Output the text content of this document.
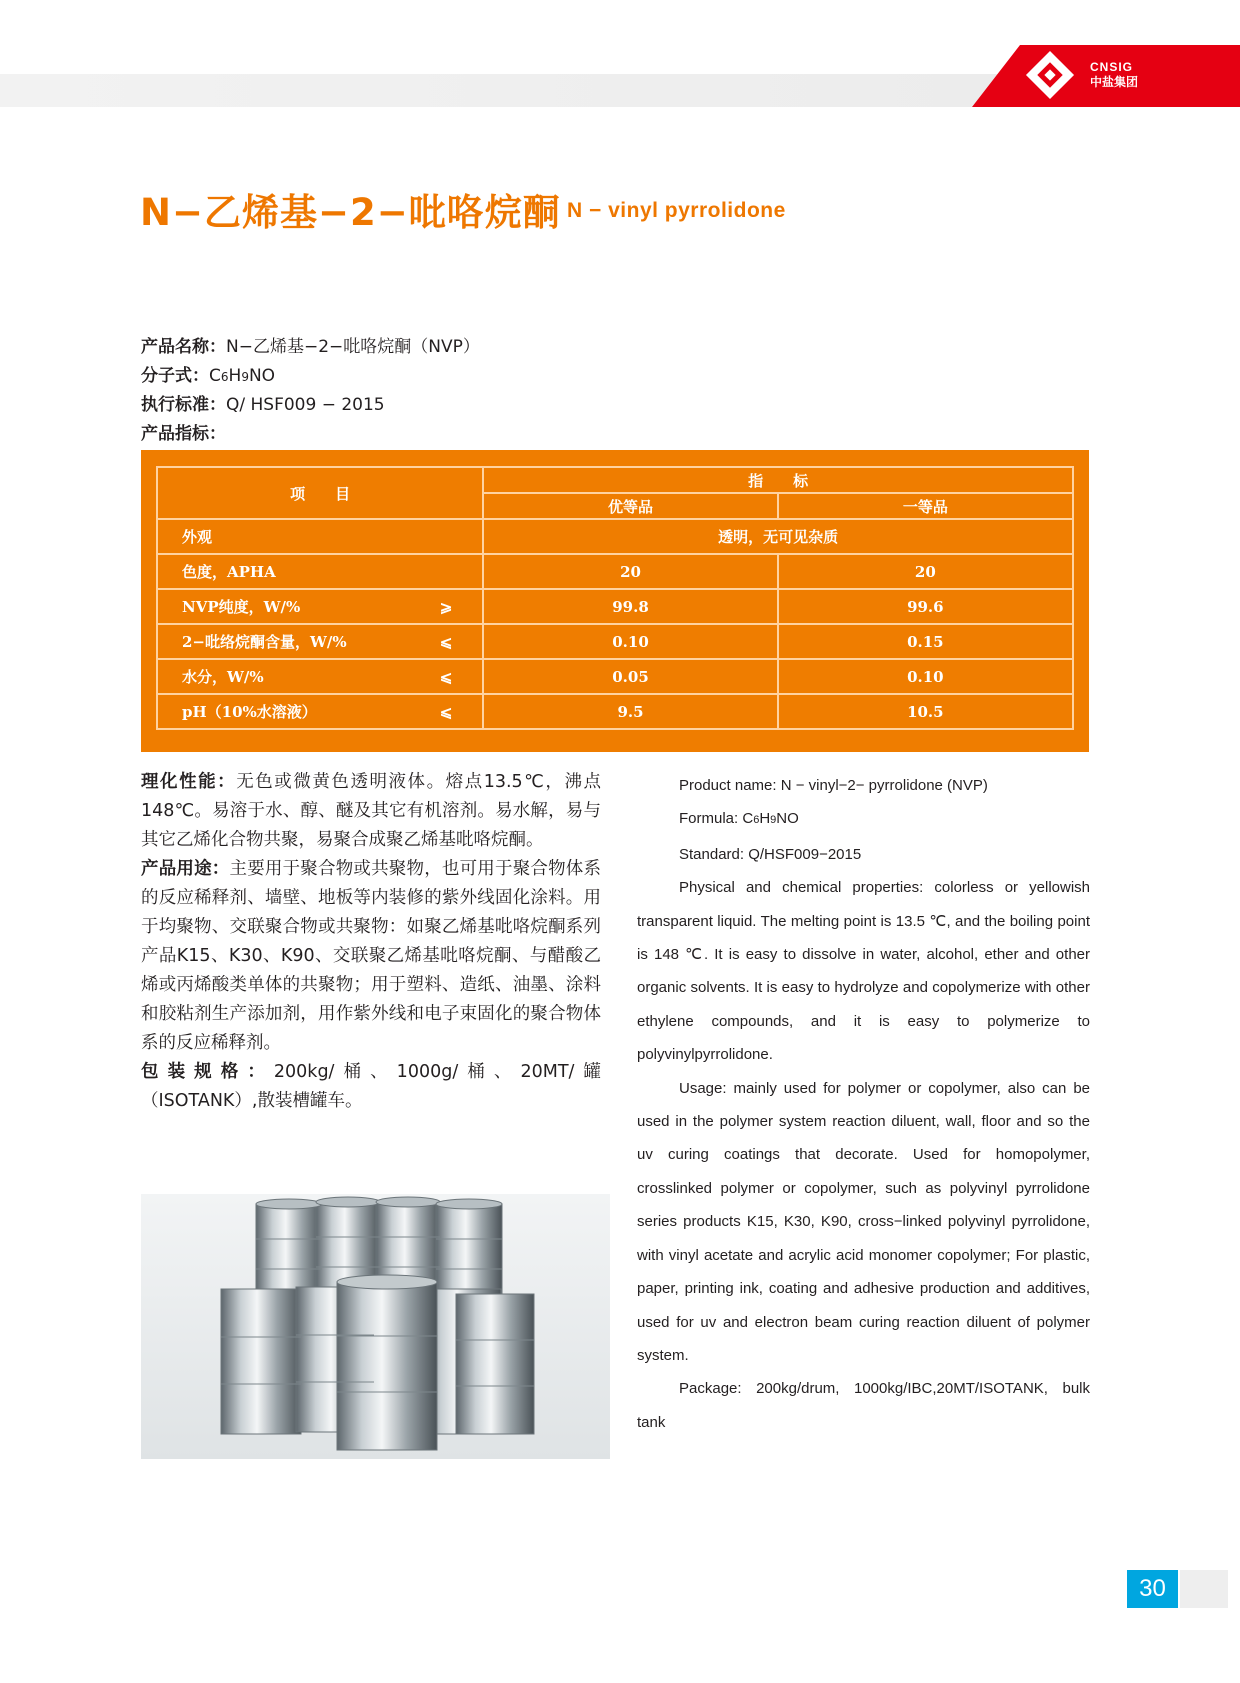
CNSIG
中盐集团
N−乙烯基−2−吡咯烷酮 N − vinyl pyrrolidone
产品名称：N−乙烯基−2−吡咯烷酮（NVP）
分子式：C6H9NO
执行标准：Q/ HSF009 − 2015
产品指标：
项　　目	指　　标	
	优等品	一等品
外观	透明，无可见杂质	
色度，APHA	20	20
NVP纯度，W/% ⩾	99.8	99.6
2−吡络烷酮含量，W/% ⩽	0.10	0.15
水分，W/% ⩽	0.05	0.10
pH（10%水溶液） ⩽	9.5	10.5

理化性能：无色或微黄色透明液体。熔点13.5℃，沸点148℃。易溶于水、醇、醚及其它有机溶剂。易水解，易与其它乙烯化合物共聚，易聚合成聚乙烯基吡咯烷酮。

产品用途：主要用于聚合物或共聚物，也可用于聚合物体系的反应稀释剂、墙壁、地板等内装修的紫外线固化涂料。用于均聚物、交联聚合物或共聚物：如聚乙烯基吡咯烷酮系列产品K15、K30、K90、交联聚乙烯基吡咯烷酮、与醋酸乙烯或丙烯酸类单体的共聚物；用于塑料、造纸、油墨、涂料和胶粘剂生产添加剂，用作紫外线和电子束固化的聚合物体系的反应稀释剂。

包装规格：200kg/桶、1000g/桶、20MT/罐（ISOTANK）,散装槽罐车。

Product name: N − vinyl−2− pyrrolidone (NVP)

Formula: C6H9NO

Standard: Q/HSF009−2015

Physical and chemical properties: colorless or yellowish transparent liquid. The melting point is 13.5 ℃, and the boiling point is 148 ℃. It is easy to dissolve in water, alcohol, ether and other organic solvents. It is easy to hydrolyze and copolymerize with other ethylene compounds, and it is easy to polymerize to polyvinylpyrrolidone.

Usage: mainly used for polymer or copolymer, also can be used in the polymer system reaction diluent, wall, floor and so the uv curing coatings that decorate. Used for homopolymer, crosslinked polymer or copolymer, such as polyvinyl pyrrolidone series products K15, K30, K90, cross−linked polyvinyl pyrrolidone, with vinyl acetate and acrylic acid monomer copolymer; For plastic, paper, printing ink, coating and adhesive production and additives, used for uv and electron beam curing reaction diluent of polymer system.

Package: 200kg/drum, 1000kg/IBC,20MT/ISOTANK, bulk tank

30
